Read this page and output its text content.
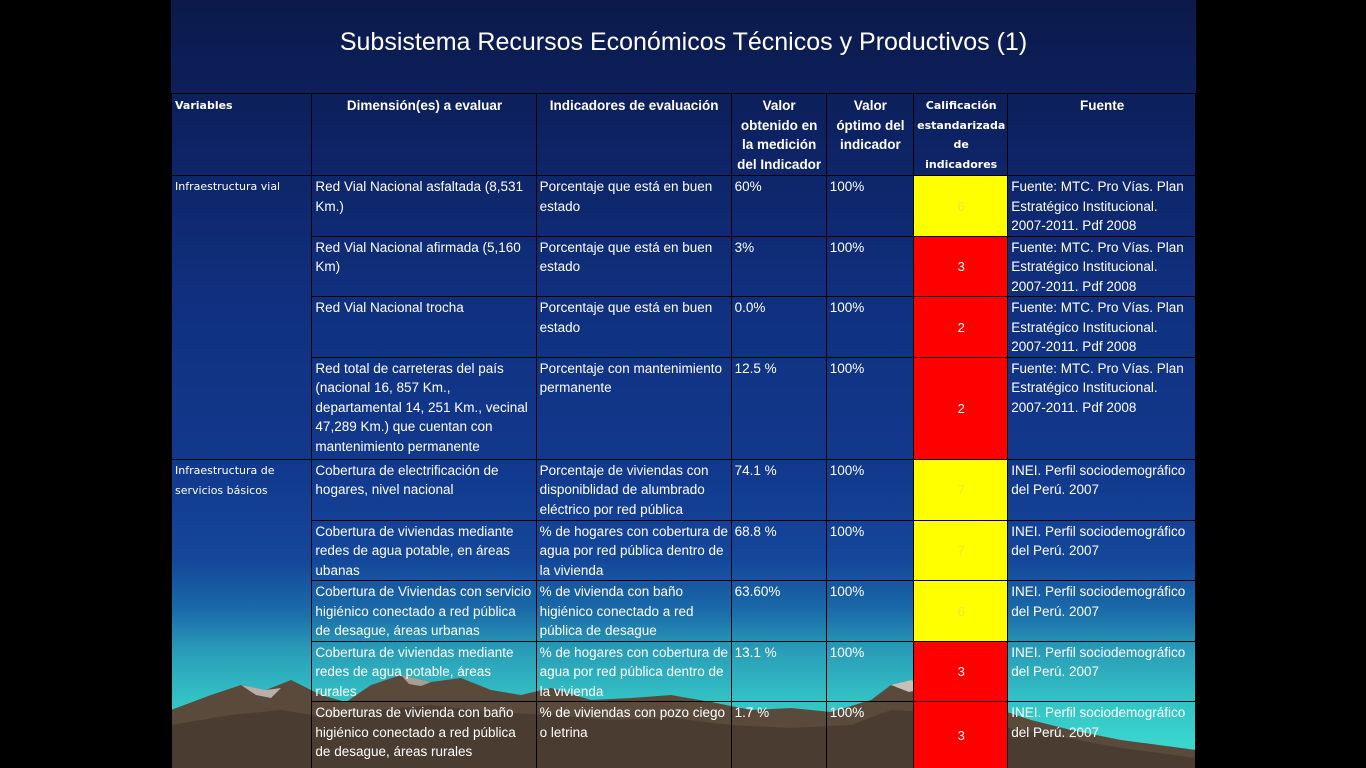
Subsistema Recursos Económicos Técnicos y Productivos (1)
Variables	Dimensión(es) a evaluar	Indicadores de evaluación	Valor obtenido en la medición del Indicador	Valor óptimo del indicador	Calificación estandarizada de indicadores	Fuente
Infraestructura vial	Red Vial Nacional asfaltada (8,531 Km.)	Porcentaje que está en buen estado	60%	100%	6	Fuente: MTC. Pro Vías. Plan Estratégico Institucional. 2007-2011. Pdf 2008
	Red Vial Nacional afirmada (5,160 Km)	Porcentaje que está en buen estado	3%	100%	3	Fuente: MTC. Pro Vías. Plan Estratégico Institucional. 2007-2011. Pdf 2008
	Red Vial Nacional trocha	Porcentaje que está en buen estado	0.0%	100%	2	Fuente: MTC. Pro Vías. Plan Estratégico Institucional. 2007-2011. Pdf 2008
	Red total de carreteras del país (nacional 16, 857 Km., departamental 14, 251 Km., vecinal 47,289 Km.) que cuentan con mantenimiento permanente	Porcentaje con mantenimiento permanente	12.5 %	100%	2	Fuente: MTC. Pro Vías. Plan Estratégico Institucional. 2007-2011. Pdf 2008
Infraestructura de servicios básicos	Cobertura de electrificación de hogares, nivel nacional	Porcentaje de viviendas con disponiblidad de alumbrado eléctrico por red pública	74.1 %	100%	7	INEI. Perfil sociodemográfico del Perú. 2007
	Cobertura de viviendas mediante redes de agua potable, en áreas ubanas	% de hogares con cobertura de agua por red pública dentro de la vivienda	68.8 %	100%	7	INEI. Perfil sociodemográfico del Perú. 2007
	Cobertura de Viviendas con servicio higiénico conectado a red pública de desague, áreas urbanas	% de vivienda con baño higiénico conectado a red pública de desague	63.60%	100%	6	INEI. Perfil sociodemográfico del Perú. 2007
	Cobertura de viviendas mediante redes de agua potable, áreas rurales	% de hogares con cobertura de agua por red pública dentro de la vivienda	13.1 %	100%	3	INEI. Perfil sociodemográfico del Perú. 2007
	Coberturas de vivienda con baño higiénico conectado a red pública de desague, áreas rurales	% de viviendas con pozo ciego o letrina	1.7 %	100%	3	INEI. Perfil sociodemográfico del Perú. 2007
